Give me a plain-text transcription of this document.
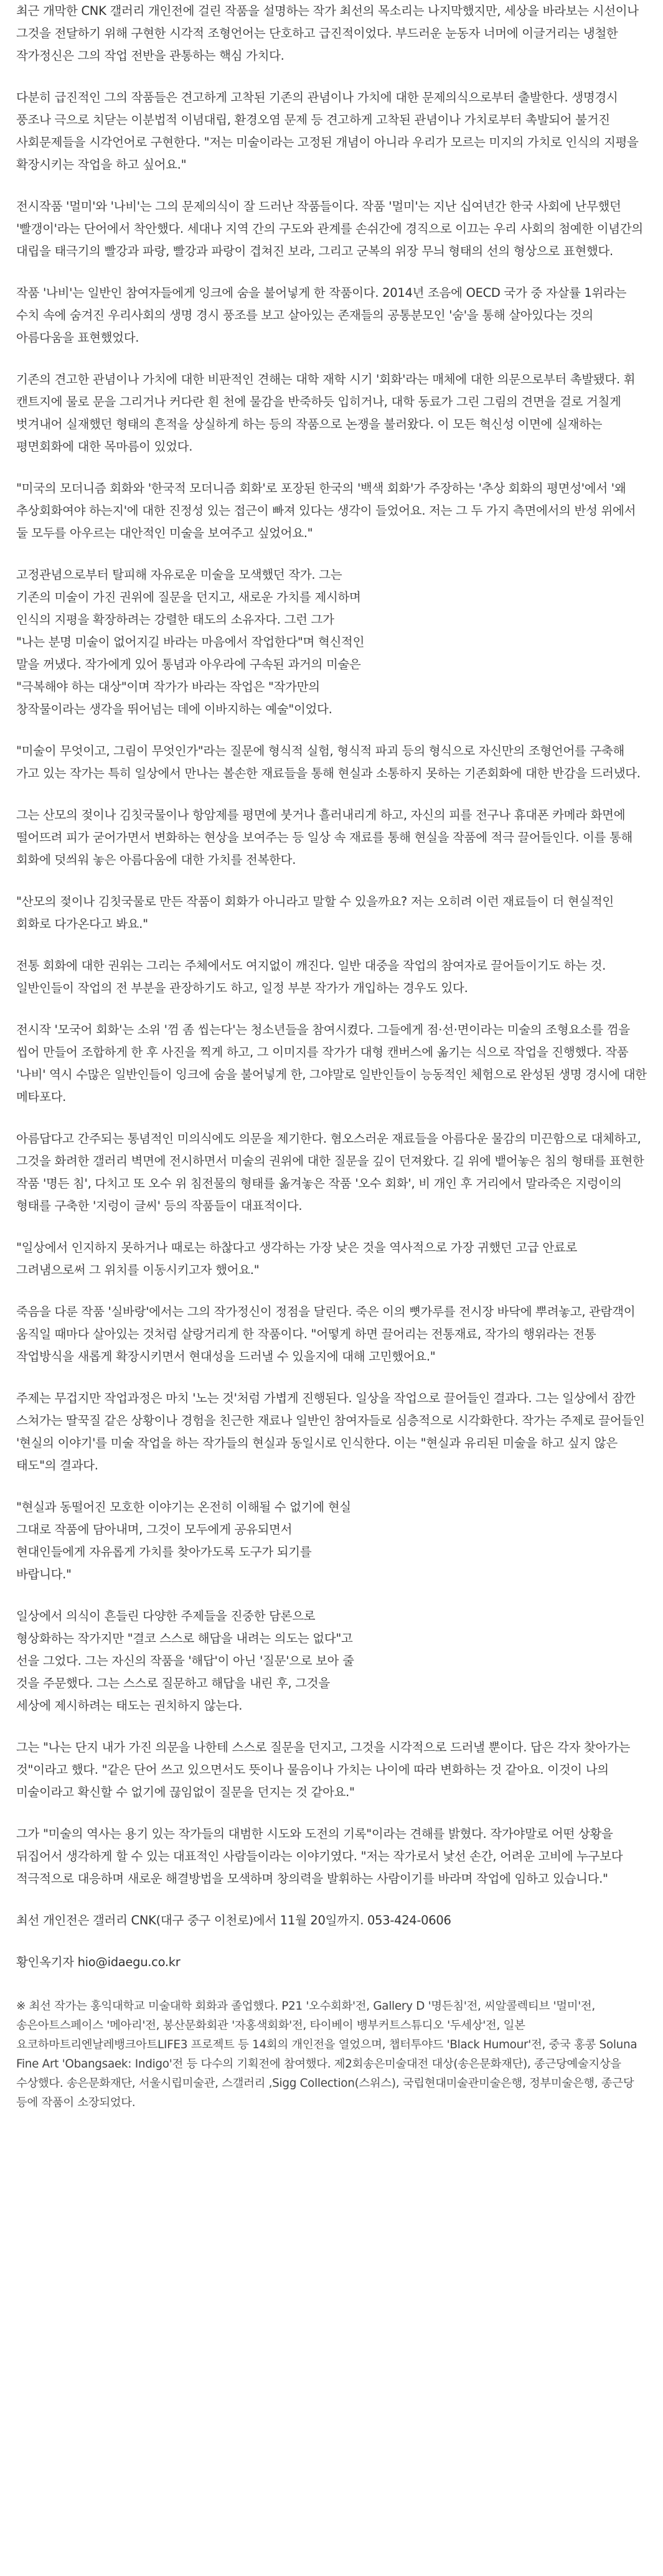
최근 개막한 CNK 갤러리 개인전에 걸린 작품을 설명하는 작가 최선의 목소리는 나지막했지만, 세상을 바라보는 시선이나 그것을 전달하기 위해 구현한 시각적 조형언어는 단호하고 급진적이었다. 부드러운 눈동자 너머에 이글거리는 냉철한 작가정신은 그의 작업 전반을 관통하는 핵심 가치다.

다분히 급진적인 그의 작품들은 견고하게 고착된 기존의 관념이나 가치에 대한 문제의식으로부터 출발한다. 생명경시 풍조나 극으로 치닫는 이분법적 이념대립, 환경오염 문제 등 견고하게 고착된 관념이나 가치로부터 촉발되어 불거진 사회문제들을 시각언어로 구현한다. "저는 미술이라는 고정된 개념이 아니라 우리가 모르는 미지의 가치로 인식의 지평을 확장시키는 작업을 하고 싶어요."

전시작품 '멀미'와 '나비'는 그의 문제의식이 잘 드러난 작품들이다. 작품 '멀미'는 지난 십여년간 한국 사회에 난무했던 '빨갱이'라는 단어에서 착안했다. 세대나 지역 간의 구도와 관계를 손쉬간에 경직으로 이끄는 우리 사회의 첨예한 이념간의 대립을 태극기의 빨강과 파랑, 빨강과 파랑이 겹쳐진 보라, 그리고 군복의 위장 무늬 형태의 선의 형상으로 표현했다.

작품 '나비'는 일반인 참여자들에게 잉크에 숨을 불어넣게 한 작품이다. 2014년 조음에 OECD 국가 중 자살률 1위라는 수치 속에 숨겨진 우리사회의 생명 경시 풍조를 보고 살아있는 존재들의 공통분모인 '숨'을 통해 살아있다는 것의 아름다움을 표현했었다.

기존의 견고한 관념이나 가치에 대한 비판적인 견해는 대학 재학 시기 '회화'라는 매체에 대한 의문으로부터 촉발됐다. 휘 캔트지에 물로 문을 그리거나 커다란 흰 천에 물감을 반죽하듯 입히거나, 대학 동료가 그린 그림의 견면을 걸로 거칠게 벗겨내어 실재했던 형태의 흔적을 상실하게 하는 등의 작품으로 논쟁을 불러왔다. 이 모든 혁신성 이면에 실재하는 평면회화에 대한 목마름이 있었다.

"미국의 모더니즘 회화와 '한국적 모더니즘 회화'로 포장된 한국의 '백색 회화'가 주장하는 '추상 회화의 평면성'에서 '왜 추상회화여야 하는지'에 대한 진정성 있는 접근이 빠져 있다는 생각이 들었어요. 저는 그 두 가지 측면에서의 반성 위에서 둘 모두를 아우르는 대안적인 미술을 보여주고 싶었어요."

고정관념으로부터 탈피해 자유로운 미술을 모색했던 작가. 그는 기존의 미술이 가진 권위에 질문을 던지고, 새로운 가치를 제시하며 인식의 지평을 확장하려는 강렬한 태도의 소유자다. 그런 그가 "나는 분명 미술이 없어지길 바라는 마음에서 작업한다"며 혁신적인 말을 꺼냈다. 작가에게 있어 통념과 아우라에 구속된 과거의 미술은 "극복해야 하는 대상"이며 작가가 바라는 작업은 "작가만의 창작물이라는 생각을 뛰어넘는 데에 이바지하는 예술"이었다.

"미술이 무엇이고, 그림이 무엇인가"라는 질문에 형식적 실험, 형식적 파괴 등의 형식으로 자신만의 조형언어를 구축해 가고 있는 작가는 특히 일상에서 만나는 볼손한 재료들을 통해 현실과 소통하지 못하는 기존회화에 대한 반감을 드러냈다.

그는 산모의 젖이나 김칫국물이나 항암제를 평면에 붓거나 흘러내리게 하고, 자신의 피를 전구나 휴대폰 카메라 화면에 떨어뜨려 피가 굳어가면서 변화하는 현상을 보여주는 등 일상 속 재료를 통해 현실을 작품에 적극 끌어들인다. 이를 통해 회화에 덧씌워 놓은 아름다움에 대한 가치를 전복한다.

"산모의 젖이나 김칫국물로 만든 작품이 회화가 아니라고 말할 수 있을까요? 저는 오히려 이런 재료들이 더 현실적인 회화로 다가온다고 봐요."

전통 회화에 대한 권위는 그리는 주체에서도 여지없이 깨진다. 일반 대중을 작업의 참여자로 끌어들이기도 하는 것. 일반인들이 작업의 전 부분을 관장하기도 하고, 일정 부분 작가가 개입하는 경우도 있다.

전시작 '모국어 회화'는 소위 '껌 좀 씹는다'는 청소년들을 참여시켰다. 그들에게 점·선·면이라는 미술의 조형요소를 껌을 씹어 만들어 조합하게 한 후 사진을 찍게 하고, 그 이미지를 작가가 대형 캔버스에 옮기는 식으로 작업을 진행했다. 작품 '나비' 역시 수많은 일반인들이 잉크에 숨을 불어넣게 한, 그야말로 일반인들이 능동적인 체험으로 완성된 생명 경시에 대한 메타포다.

아름답다고 간주되는 통념적인 미의식에도 의문을 제기한다. 혐오스러운 재료들을 아름다운 물감의 미끈함으로 대체하고, 그것을 화려한 갤러리 벽면에 전시하면서 미술의 권위에 대한 질문을 깊이 던져왔다. 길 위에 뱉어놓은 침의 형태를 표현한 작품 '명든 침', 다치고 또 오수 위 침전물의 형태를 옮겨놓은 작품 '오수 회화', 비 개인 후 거리에서 말라죽은 지렁이의 형태를 구축한 '지렁이 글씨' 등의 작품들이 대표적이다.

"일상에서 인지하지 못하거나 때로는 하찮다고 생각하는 가장 낮은 것을 역사적으로 가장 귀했던 고급 안료로 그려냄으로써 그 위치를 이동시키고자 했어요."

죽음을 다룬 작품 '실바랑'에서는 그의 작가정신이 정점을 달린다. 죽은 이의 뼛가루를 전시장 바닥에 뿌려놓고, 관람객이 움직일 때마다 살아있는 것처럼 살랑거리게 한 작품이다. "어떻게 하면 끌어리는 전통재료, 작가의 행위라는 전통 작업방식을 새롭게 확장시키면서 현대성을 드러낼 수 있을지에 대해 고민했어요."

주제는 무겁지만 작업과정은 마치 '노는 것'처럼 가볍게 진행된다. 일상을 작업으로 끌어들인 결과다. 그는 일상에서 잠깐 스쳐가는 딸꾹질 같은 상황이나 경험을 친근한 재료나 일반인 참여자들로 심층적으로 시각화한다. 작가는 주제로 끌어들인 '현실의 이야기'를 미술 작업을 하는 작가들의 현실과 동일시로 인식한다. 이는 "현실과 유리된 미술을 하고 싶지 않은 태도"의 결과다.

"현실과 동떨어진 모호한 이야기는 온전히 이해될 수 없기에 현실 그대로 작품에 담아내며, 그것이 모두에게 공유되면서 현대인들에게 자유롭게 가치를 찾아가도록 도구가 되기를 바랍니다."

일상에서 의식이 흔들린 다양한 주제들을 진중한 담론으로 형상화하는 작가지만 "결코 스스로 해답을 내려는 의도는 없다"고 선을 그었다. 그는 자신의 작품을 '해답'이 아닌 '질문'으로 보아 줄 것을 주문했다. 그는 스스로 질문하고 해답을 내린 후, 그것을 세상에 제시하려는 태도는 권치하지 않는다.

그는 "나는 단지 내가 가진 의문을 나한테 스스로 질문을 던지고, 그것을 시각적으로 드러낼 뿐이다. 답은 각자 찾아가는 것"이라고 했다. "같은 단어 쓰고 있으면서도 뜻이나 물음이나 가치는 나이에 따라 변화하는 것 같아요. 이것이 나의 미술이라고 확신할 수 없기에 끊임없이 질문을 던지는 것 같아요."

그가 "미술의 역사는 용기 있는 작가들의 대범한 시도와 도전의 기록"이라는 견해를 밝혔다. 작가야말로 어떤 상황을 뒤집어서 생각하게 할 수 있는 대표적인 사람들이라는 이야기였다. "저는 작가로서 낯선 손간, 어려운 고비에 누구보다 적극적으로 대응하며 새로운 해결방법을 모색하며 창의력을 발휘하는 사람이기를 바라며 작업에 임하고 있습니다."

최선 개인전은 갤러리 CNK(대구 중구 이천로)에서 11월 20일까지. 053-424-0606

황인옥기자 hio@idaegu.co.kr

※ 최선 작가는 홍익대학교 미술대학 회화과 졸업했다. P21 '오수회화'전, Gallery D '명든침'전, 씨알콜렉티브 '멀미'전, 송은아트스페이스 '메아리'전, 봉산문화회관 '자홍색회화'전, 타이베이 뱅부커트스튜디오 '두세상'전, 일본 요코하마트리엔날레뱅크아트LIFE3 프로젝트 등 14회의 개인전을 열었으며, 챕터투야드 'Black Humour'전, 중국 홍콩 Soluna Fine Art 'Obangsaek: Indigo'전 등 다수의 기획전에 참여했다. 제2회송은미술대전 대상(송은문화재단), 종근당예술지상을 수상했다. 송은문화재단, 서울시립미술관, 스갤러리 ,Sigg Collection(스위스), 국립현대미술관미술은행, 정부미술은행, 종근당 등에 작품이 소장되었다.
